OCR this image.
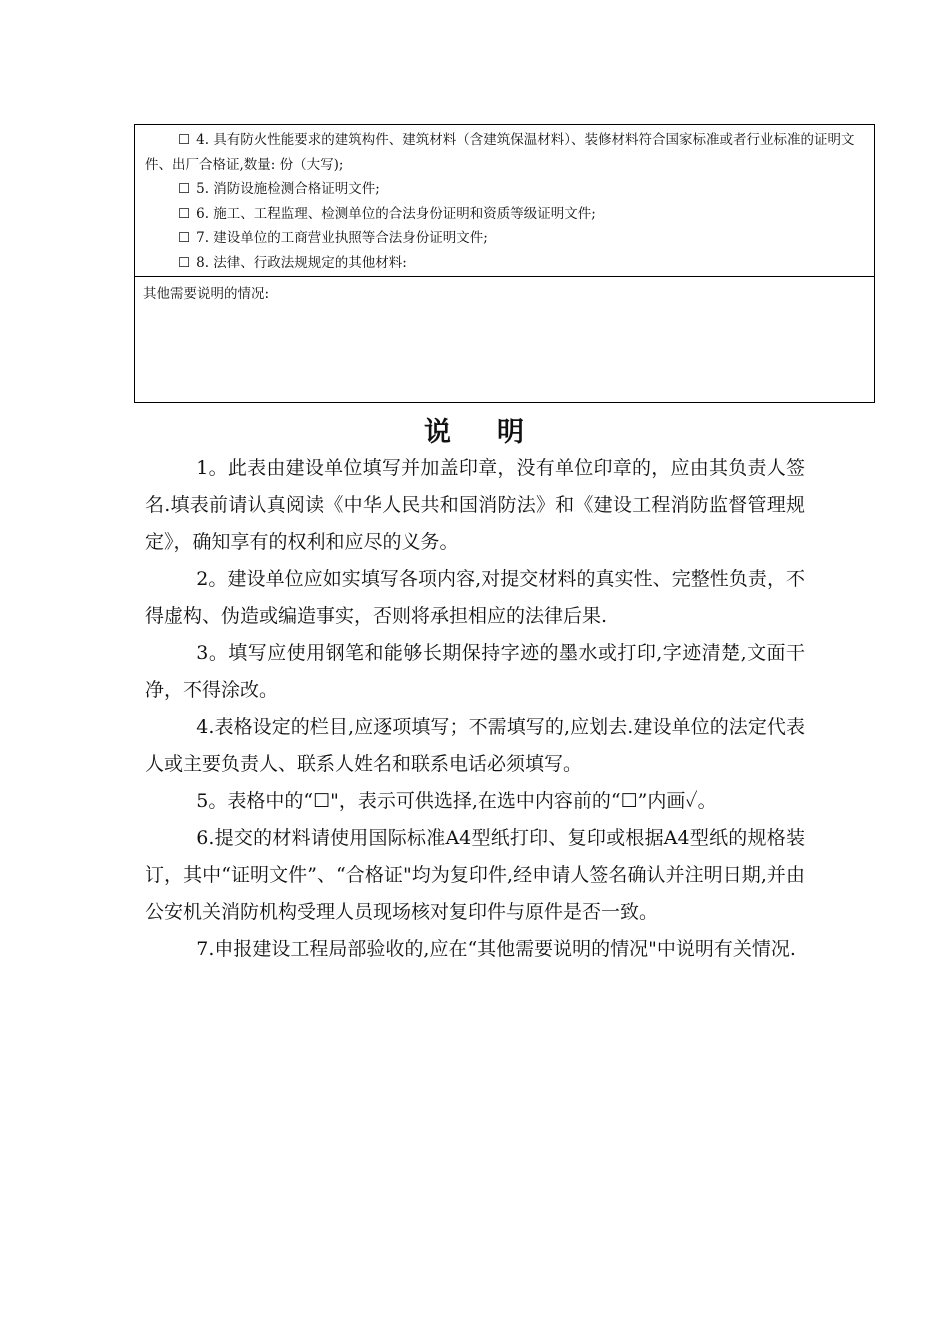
☐ 4. 具有防火性能要求的建筑构件、建筑材料（含建筑保温材料）、装修材料符合国家标准或者行业标准的证明文件、出厂合格证,数量: 份（大写);
☐ 5. 消防设施检测合格证明文件;
☐ 6. 施工、工程监理、检测单位的合法身份证明和资质等级证明文件;
☐ 7. 建设单位的工商营业执照等合法身份证明文件;
☐ 8. 法律、行政法规规定的其他材料:
其他需要说明的情况:
说 明

1。此表由建设单位填写并加盖印章，没有单位印章的，应由其负责人签名.填表前请认真阅读《中华人民共和国消防法》和《建设工程消防监督管理规定》，确知享有的权利和应尽的义务。

2。建设单位应如实填写各项内容,对提交材料的真实性、完整性负责，不得虚构、伪造或编造事实，否则将承担相应的法律后果.

3。填写应使用钢笔和能够长期保持字迹的墨水或打印,字迹清楚,文面干净，不得涂改。

4.表格设定的栏目,应逐项填写；不需填写的,应划去.建设单位的法定代表人或主要负责人、联系人姓名和联系电话必须填写。

5。表格中的“☐"，表示可供选择,在选中内容前的“☐”内画✓。

6.提交的材料请使用国际标准A4型纸打印、复印或根据A4型纸的规格装订，其中“证明文件”、“合格证"均为复印件,经申请人签名确认并注明日期,并由公安机关消防机构受理人员现场核对复印件与原件是否一致。

7.申报建设工程局部验收的,应在“其他需要说明的情况"中说明有关情况.
